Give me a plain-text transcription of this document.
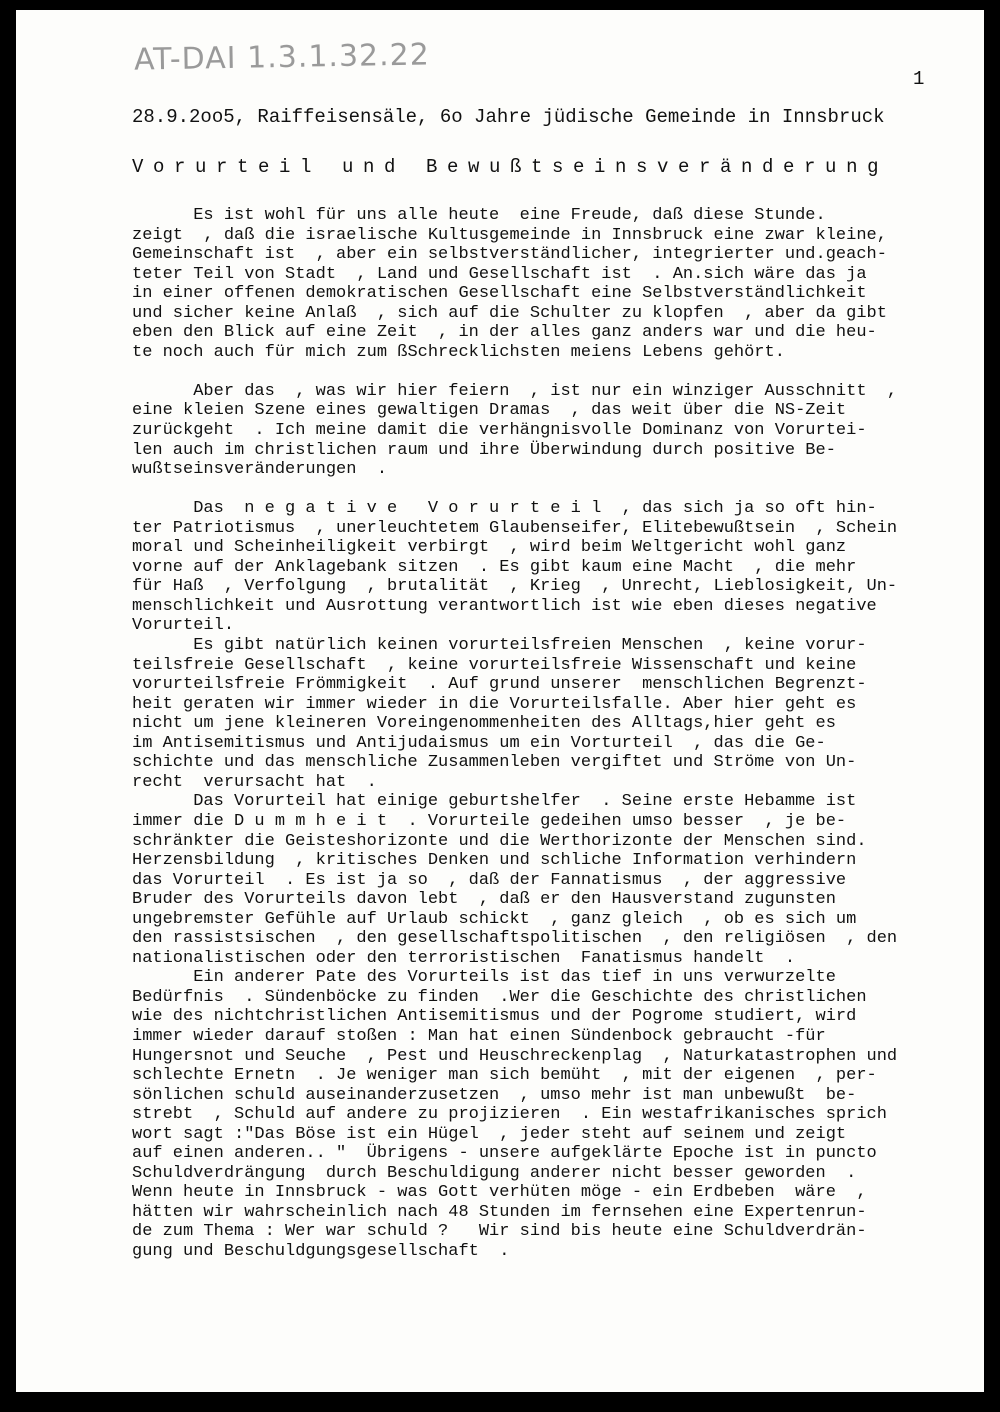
AT-DAI 1.3.1.32.22
1
28.9.2oo5, Raiffeisensäle, 6o Jahre jüdische Gemeinde in Innsbruck
Vorurteil und Bewußtseinsveränderung
Es ist wohl für uns alle heute  eine Freude, daß diese Stunde.
zeigt  , daß die israelische Kultusgemeinde in Innsbruck eine zwar kleine,
Gemeinschaft ist  , aber ein selbstverständlicher, integrierter und.geach-
teter Teil von Stadt  , Land und Gesellschaft ist  . An.sich wäre das ja
in einer offenen demokratischen Gesellschaft eine Selbstverständlichkeit
und sicher keine Anlaß  , sich auf die Schulter zu klopfen  , aber da gibt
eben den Blick auf eine Zeit  , in der alles ganz anders war und die heu-
te noch auch für mich zum ßSchrecklichsten meiens Lebens gehört.
Aber das  , was wir hier feiern  , ist nur ein winziger Ausschnitt  ,
eine kleien Szene eines gewaltigen Dramas  , das weit über die NS-Zeit
zurückgeht  . Ich meine damit die verhängnisvolle Dominanz von Vorurtei-
len auch im christlichen raum und ihre Überwindung durch positive Be-
wußtseinsveränderungen  .
Das  n e g a t i v e   V o r u r t e i l  , das sich ja so oft hin-
ter Patriotismus  , unerleuchtetem Glaubenseifer, Elitebewußtsein  , Schein
moral und Scheinheiligkeit verbirgt  , wird beim Weltgericht wohl ganz
vorne auf der Anklagebank sitzen  . Es gibt kaum eine Macht  , die mehr
für Haß  , Verfolgung  , brutalität  , Krieg  , Unrecht, Lieblosigkeit, Un-
menschlichkeit und Ausrottung verantwortlich ist wie eben dieses negative
Vorurteil.
Es gibt natürlich keinen vorurteilsfreien Menschen  , keine vorur-
teilsfreie Gesellschaft  , keine vorurteilsfreie Wissenschaft und keine
vorurteilsfreie Frömmigkeit  . Auf grund unserer  menschlichen Begrenzt-
heit geraten wir immer wieder in die Vorurteilsfalle. Aber hier geht es
nicht um jene kleineren Voreingenommenheiten des Alltags,hier geht es
im Antisemitismus und Antijudaismus um ein Vorturteil  , das die Ge-
schichte und das menschliche Zusammenleben vergiftet und Ströme von Un-
recht  verursacht hat  .
Das Vorurteil hat einige geburtshelfer  . Seine erste Hebamme ist
immer die D u m m h e i t  . Vorurteile gedeihen umso besser  , je be-
schränkter die Geisteshorizonte und die Werthorizonte der Menschen sind.
Herzensbildung  , kritisches Denken und schliche Information verhindern
das Vorurteil  . Es ist ja so  , daß der Fannatismus  , der aggressive
Bruder des Vorurteils davon lebt  , daß er den Hausverstand zugunsten
ungebremster Gefühle auf Urlaub schickt  , ganz gleich  , ob es sich um
den rassistsischen  , den gesellschaftspolitischen  , den religiösen  , den
nationalistischen oder den terroristischen  Fanatismus handelt  .
Ein anderer Pate des Vorurteils ist das tief in uns verwurzelte
Bedürfnis  . Sündenböcke zu finden  .Wer die Geschichte des christlichen
wie des nichtchristlichen Antisemitismus und der Pogrome studiert, wird
immer wieder darauf stoßen : Man hat einen Sündenbock gebraucht -für
Hungersnot und Seuche  , Pest und Heuschreckenplag  , Naturkatastrophen und
schlechte Ernetn  . Je weniger man sich bemüht  , mit der eigenen  , per-
sönlichen schuld auseinanderzusetzen  , umso mehr ist man unbewußt  be-
strebt  , Schuld auf andere zu projizieren  . Ein westafrikanisches sprich
wort sagt :"Das Böse ist ein Hügel  , jeder steht auf seinem und zeigt
auf einen anderen.. "  Übrigens - unsere aufgeklärte Epoche ist in puncto
Schuldverdrängung  durch Beschuldigung anderer nicht besser geworden  .
Wenn heute in Innsbruck - was Gott verhüten möge - ein Erdbeben  wäre  ,
hätten wir wahrscheinlich nach 48 Stunden im fernsehen eine Expertenrun-
de zum Thema : Wer war schuld ?   Wir sind bis heute eine Schuldverdrän-
gung und Beschuldgungsgesellschaft  .
